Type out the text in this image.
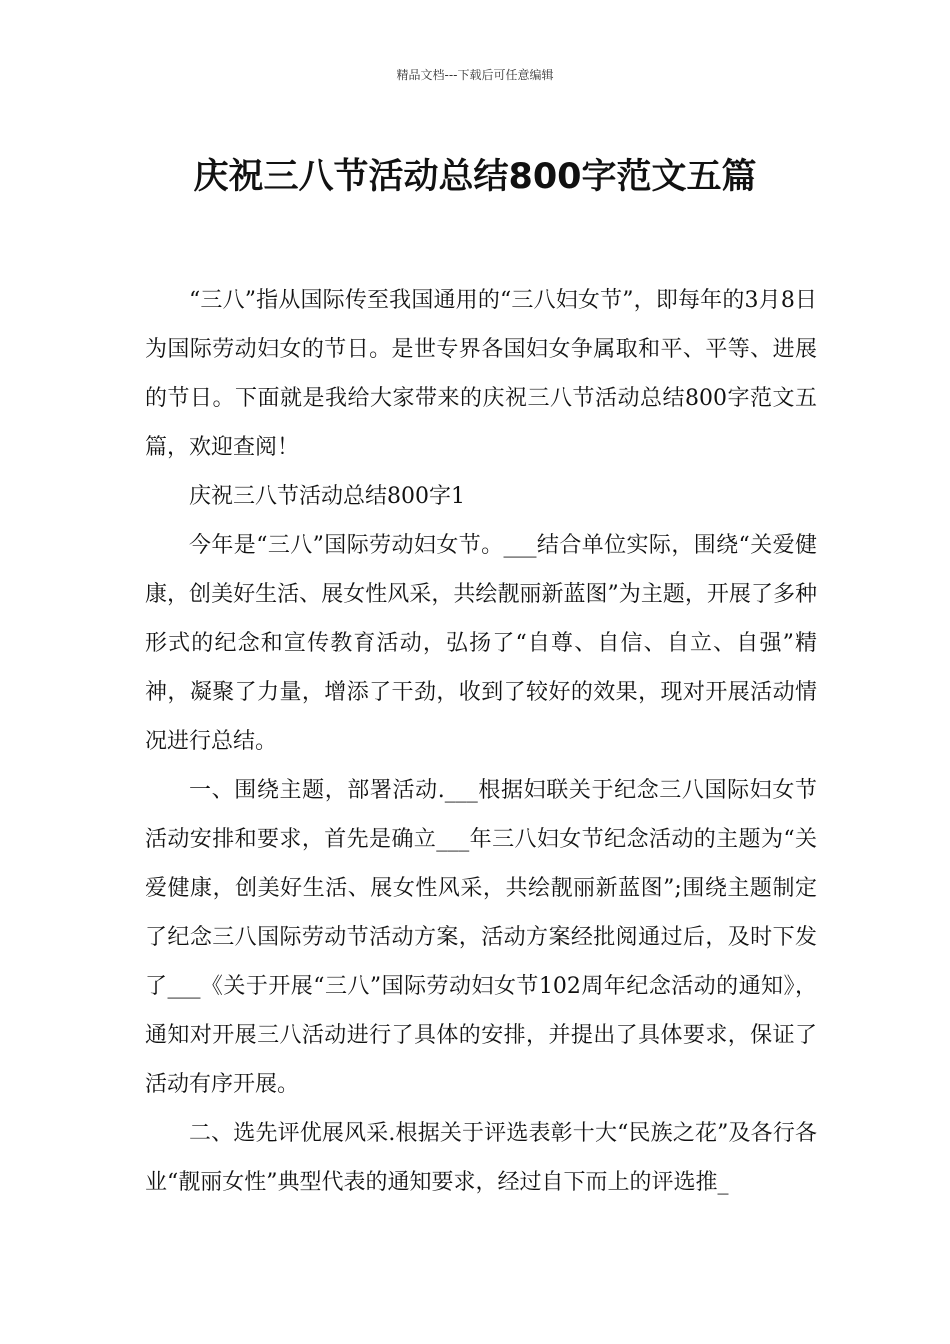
精品文档---下载后可任意编辑
庆祝三八节活动总结800字范文五篇

“三八”指从国际传至我国通用的“三八妇女节”，即每年的3月8日为国际劳动妇女的节日。是世专界各国妇女争属取和平、平等、进展的节日。下面就是我给大家带来的庆祝三八节活动总结800字范文五篇，欢迎查阅！

庆祝三八节活动总结800字1

今年是“三八”国际劳动妇女节。___结合单位实际，围绕“关爱健康，创美好生活、展女性风采，共绘靓丽新蓝图”为主题，开展了多种形式的纪念和宣传教育活动，弘扬了“自尊、自信、自立、自强”精神，凝聚了力量，增添了干劲，收到了较好的效果，现对开展活动情况进行总结。

一、围绕主题，部署活动.___根据妇联关于纪念三八国际妇女节活动安排和要求，首先是确立___年三八妇女节纪念活动的主题为“关爱健康，创美好生活、展女性风采，共绘靓丽新蓝图”;围绕主题制定了纪念三八国际劳动节活动方案，活动方案经批阅通过后，及时下发了___《关于开展“三八”国际劳动妇女节102周年纪念活动的通知》，通知对开展三八活动进行了具体的安排，并提出了具体要求，保证了活动有序开展。

二、选先评优展风采.根据关于评选表彰十大“民族之花”及各行各业“靓丽女性”典型代表的通知要求，经过自下而上的评选推_
